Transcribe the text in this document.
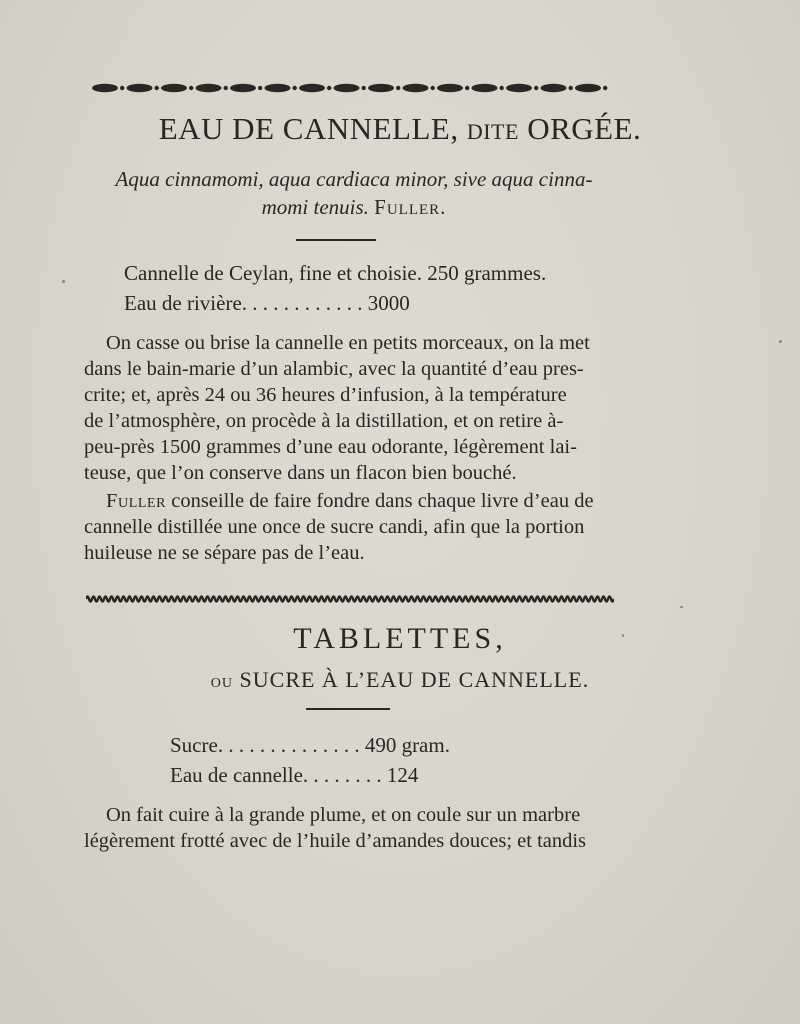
EAU DE CANNELLE, dite ORGÉE.
Aqua cinnamomi, aqua cardiaca minor, sive aqua cinna-
momi tenuis. Fuller.
Cannelle de Ceylan, fine et choisie. 250 grammes.
Eau de rivière. . . . . . . . . . . . 3000
On casse ou brise la cannelle en petits morceaux, on la met
dans le bain-marie d’un alambic, avec la quantité d’eau pres-
crite; et, après 24 ou 36 heures d’infusion, à la température
de l’atmosphère, on procède à la distillation, et on retire à-
peu-près 1500 grammes d’une eau odorante, légèrement lai-
teuse, que l’on conserve dans un flacon bien bouché.
Fuller conseille de faire fondre dans chaque livre d’eau de
cannelle distillée une once de sucre candi, afin que la portion
huileuse ne se sépare pas de l’eau.
TABLETTES,
ou SUCRE À L’EAU DE CANNELLE.
Sucre. . . . . . . . . . . . . . 490 gram.
Eau de cannelle. . . . . . . . 124
On fait cuire à la grande plume, et on coule sur un marbre
légèrement frotté avec de l’huile d’amandes douces; et tandis
